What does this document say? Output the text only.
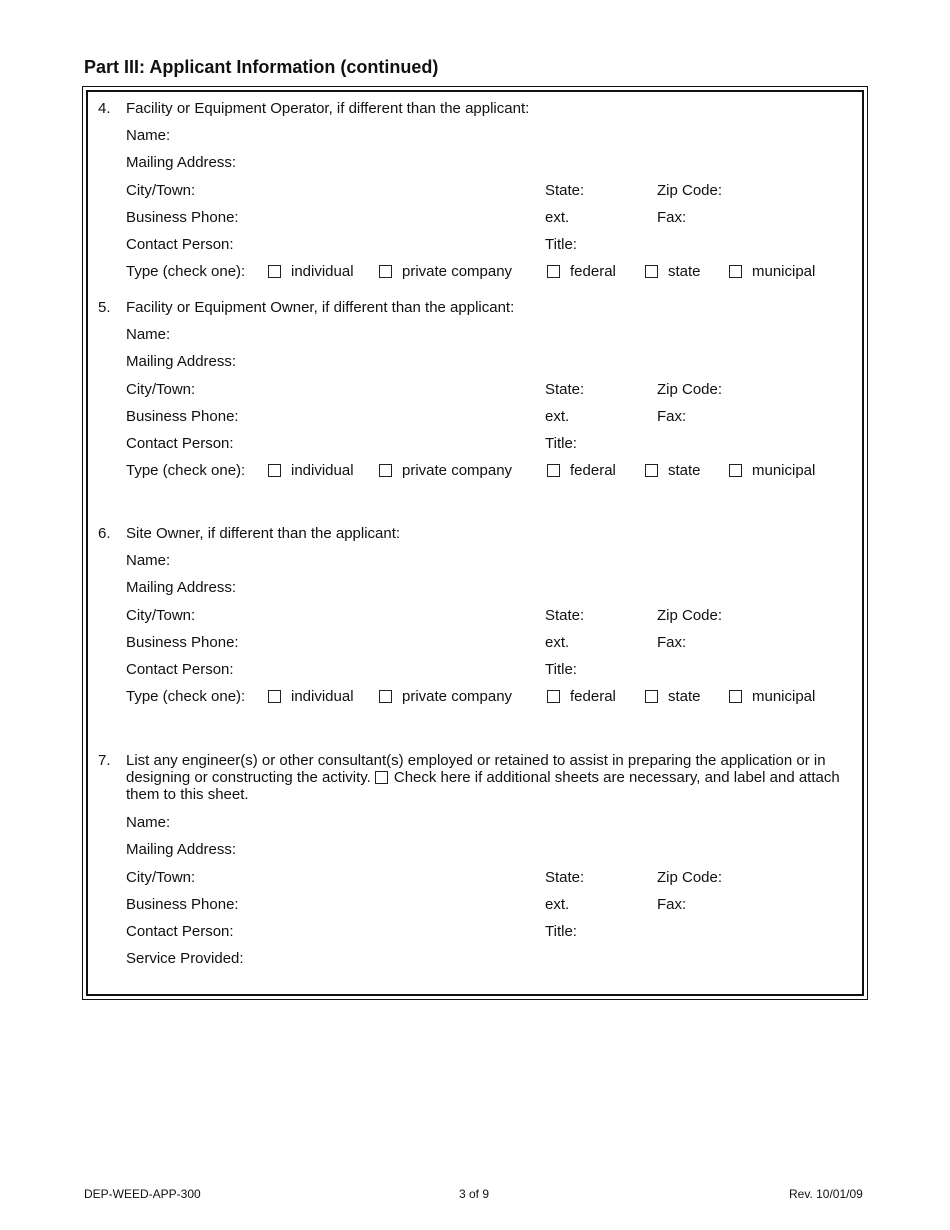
Part III: Applicant Information (continued)
4. Facility or Equipment Operator, if different than the applicant:
Name:
Mailing Address:
City/Town:	State:	Zip Code:
Business Phone:	ext.	Fax:
Contact Person:	Title:
Type (check one):	individual	private company	federal	state	municipal
5. Facility or Equipment Owner, if different than the applicant:
Name:
Mailing Address:
City/Town:	State:	Zip Code:
Business Phone:	ext.	Fax:
Contact Person:	Title:
Type (check one):	individual	private company	federal	state	municipal
6. Site Owner, if different than the applicant:
Name:
Mailing Address:
City/Town:	State:	Zip Code:
Business Phone:	ext.	Fax:
Contact Person:	Title:
Type (check one):	individual	private company	federal	state	municipal
7. List any engineer(s) or other consultant(s) employed or retained to assist in preparing the application or in designing or constructing the activity. Check here if additional sheets are necessary, and label and attach them to this sheet.
Name:
Mailing Address:
City/Town:	State:	Zip Code:
Business Phone:	ext.	Fax:
Contact Person:	Title:
Service Provided:
DEP-WEED-APP-300	3 of 9	Rev. 10/01/09
